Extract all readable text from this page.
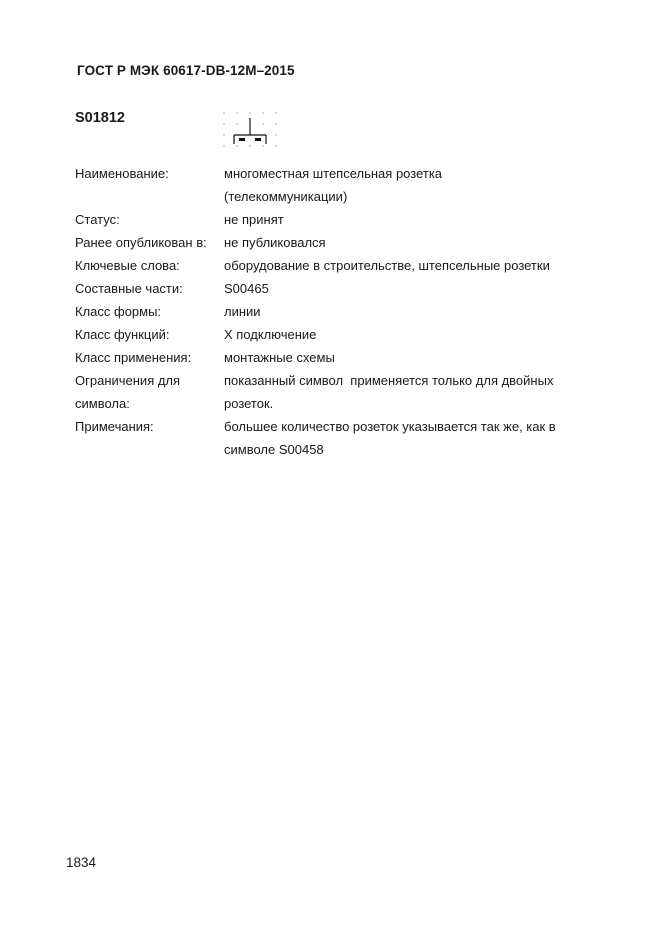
ГОСТ Р МЭК 60617-DB-12M–2015
S01812
Наименование:	многоместная штепсельная розетка
(телекоммуникации)
Статус:	не принят
Ранее опубликован в:	не публиковался
Ключевые слова:	оборудование в строительстве, штепсельные розетки
Составные части:	S00465
Класс формы:	линии
Класс функций:	X подключение
Класс применения:	монтажные схемы
Ограничения для
символа:
показанный символ  применяется только для двойных
розеток.
Примечания:	большее количество розеток указывается так же, как в
символе S00458
1834
